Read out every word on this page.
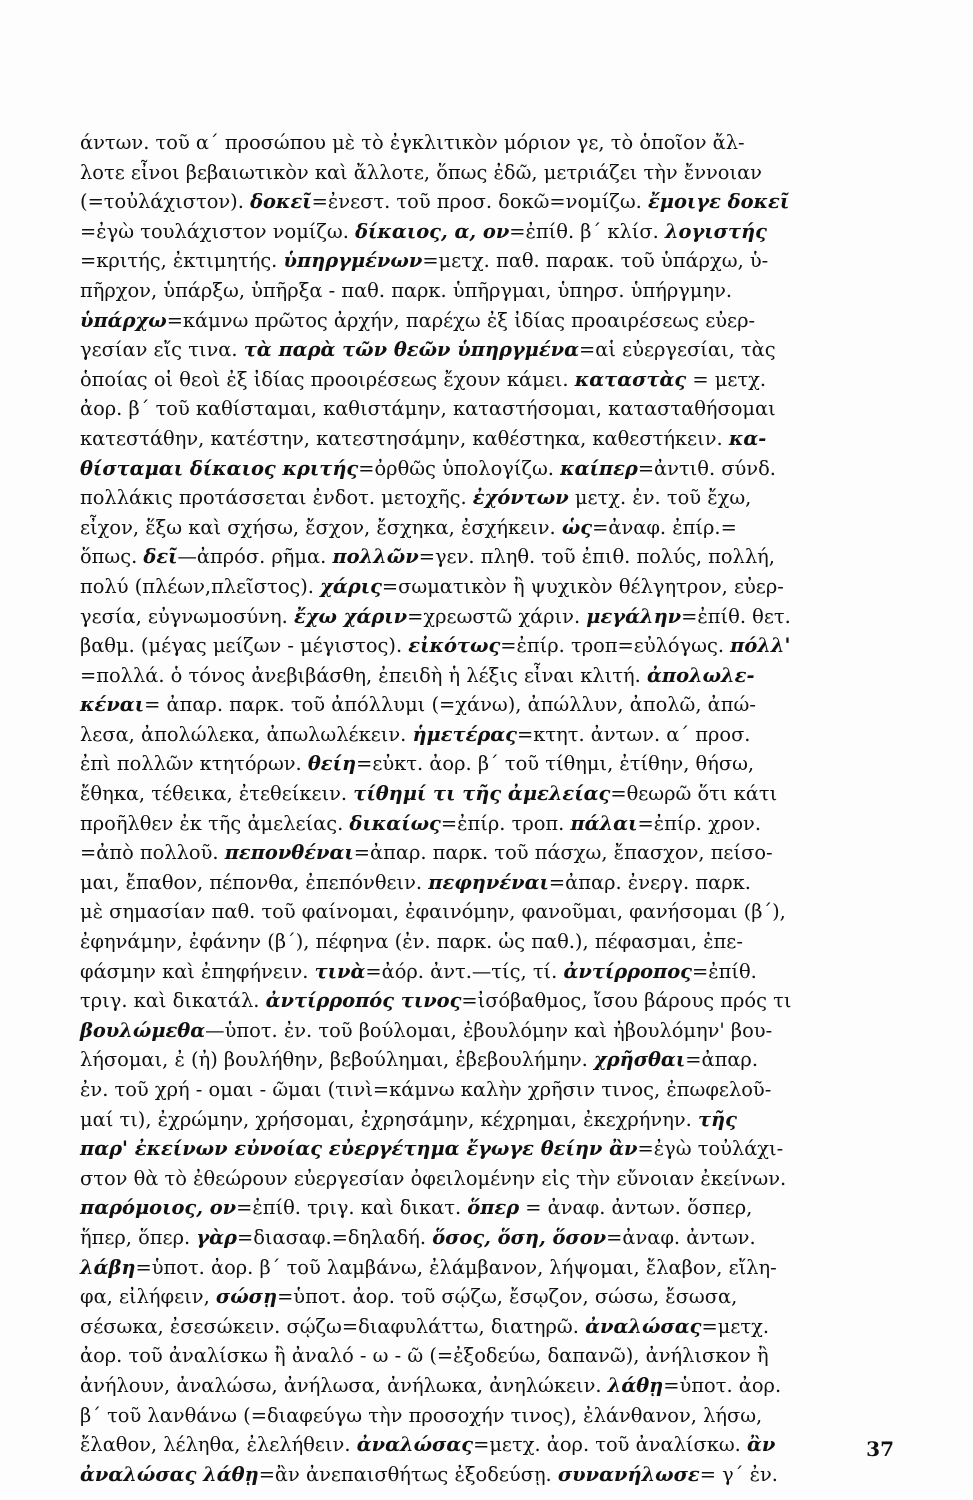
άντων. τοῦ α΄ προσώπου μὲ τὸ ἐγκλιτικὸν μόριον γε, τὸ ὁποῖον ἄλ-
λοτε εἶνοι βεβαιωτικὸν καὶ ἄλλοτε, ὅπως ἐδῶ, μετριάζει τὴν ἔννοιαν
(=τοὐλάχιστον). δοκεῖ=ἐνεστ. τοῦ προσ. δοκῶ=νομίζω. ἔμοιγε δοκεῖ
=ἐγὼ τουλάχιστον νομίζω. δίκαιος, α, ον=ἐπίθ. β΄ κλίσ. λογιστής
=κριτής, ἐκτιμητής. ὑπηργμένων=μετχ. παθ. παρακ. τοῦ ὑπάρχω, ὑ-
πῆρχον, ὑπάρξω, ὑπῆρξα - παθ. παρκ. ὑπῆργμαι, ὑπηρσ. ὑπήργμην.
ὑπάρχω=κάμνω πρῶτος ἀρχήν, παρέχω ἐξ ἰδίας προαιρέσεως εὐερ-
γεσίαν εἴς τινα. τὰ παρὰ τῶν θεῶν ὑπηργμένα=αἱ εὐεργεσίαι, τὰς
ὁποίας οἱ θεοὶ ἐξ ἰδίας προοιρέσεως ἔχουν κάμει. καταστὰς = μετχ.
ἀορ. β΄ τοῦ καθίσταμαι, καθιστάμην, καταστήσομαι, κατασταθήσομαι
κατεστάθην, κατέστην, κατεστησάμην, καθέστηκα, καθεστήκειν. κα-
θίσταμαι δίκαιος κριτής=ὀρθῶς ὑπολογίζω. καίπερ=ἀντιθ. σύνδ.
πολλάκις προτάσσεται ἐνδοτ. μετοχῆς. ἐχόντων μετχ. ἐν. τοῦ ἔχω,
εἶχον, ἕξω καὶ σχήσω, ἔσχον, ἔσχηκα, ἐσχήκειν. ὡς=ἀναφ. ἐπίρ.=
ὅπως. δεῖ—ἀπρόσ. ρῆμα. πολλῶν=γεν. πληθ. τοῦ ἐπιθ. πολύς, πολλή,
πολύ (πλέων,πλεῖστος). χάρις=σωματικὸν ἢ ψυχικὸν θέλγητρον, εὐερ-
γεσία, εὐγνωμοσύνη. ἔχω χάριν=χρεωστῶ χάριν. μεγάλην=ἐπίθ. θετ.
βαθμ. (μέγας μείζων - μέγιστος). εἰκότως=ἐπίρ. τροπ=εὐλόγως. πόλλ'
=πολλά. ὁ τόνος ἀνεβιβάσθη, ἐπειδὴ ἡ λέξις εἶναι κλιτή. ἀπολωλε-
κέναι= ἀπαρ. παρκ. τοῦ ἀπόλλυμι (=χάνω), ἀπώλλυν, ἀπολῶ, ἀπώ-
λεσα, ἀπολώλεκα, ἀπωλωλέκειν. ἡμετέρας=κτητ. ἀντων. α΄ προσ.
ἐπὶ πολλῶν κτητόρων. θείη=εὐκτ. ἀορ. β΄ τοῦ τίθημι, ἐτίθην, θήσω,
ἔθηκα, τέθεικα, ἐτεθείκειν. τίθημί τι τῆς ἀμελείας=θεωρῶ ὅτι κάτι
προῆλθεν ἐκ τῆς ἀμελείας. δικαίως=ἐπίρ. τροπ. πάλαι=ἐπίρ. χρον.
=ἀπὸ πολλοῦ. πεπονθέναι=ἀπαρ. παρκ. τοῦ πάσχω, ἔπασχον, πείσο-
μαι, ἔπαθον, πέπονθα, ἐπεπόνθειν. πεφηνέναι=ἀπαρ. ἐνεργ. παρκ.
μὲ σημασίαν παθ. τοῦ φαίνομαι, ἐφαινόμην, φανοῦμαι, φανήσομαι (β΄),
ἐφηνάμην, ἐφάνην (β΄), πέφηνα (ἐν. παρκ. ὡς παθ.), πέφασμαι, ἐπε-
φάσμην καὶ ἐπηφήνειν. τινὰ=ἀόρ. ἀντ.—τίς, τί. ἀντίρροπος=ἐπίθ.
τριγ. καὶ δικατάλ. ἀντίρροπός τινος=ἰσόβαθμος, ἴσου βάρους πρός τι
βουλώμεθα—ὑποτ. ἐν. τοῦ βούλομαι, ἐβουλόμην καὶ ἠβουλόμην' βου-
λήσομαι, ἐ (ἠ) βουλήθην, βεβούλημαι, ἐβεβουλήμην. χρῆσθαι=ἀπαρ.
ἐν. τοῦ χρή - ομαι - ῶμαι (τινὶ=κάμνω καλὴν χρῆσιν τινος, ἐπωφελοῦ-
μαί τι), ἐχρώμην, χρήσομαι, ἐχρησάμην, κέχρημαι, ἐκεχρήνην. τῆς
παρ' ἐκείνων εὐνοίας εὐεργέτημα ἔγωγε θείην ἂν=ἐγὼ τοὐλάχι-
στον θὰ τὸ ἐθεώρουν εὐεργεσίαν ὀφειλομένην εἰς τὴν εὔνοιαν ἐκείνων.
παρόμοιος, ον=ἐπίθ. τριγ. καὶ δικατ. ὅπερ = ἀναφ. ἀντων. ὅσπερ,
ἥπερ, ὅπερ. γὰρ=διασαφ.=δηλαδή. ὅσος, ὅση, ὅσον=ἀναφ. ἀντων.
λάβη=ὑποτ. ἀορ. β΄ τοῦ λαμβάνω, ἐλάμβανον, λήψομαι, ἔλαβον, εἴλη-
φα, εἰλήφειν, σώσῃ=ὑποτ. ἀορ. τοῦ σῴζω, ἔσῳζον, σώσω, ἔσωσα,
σέσωκα, ἐσεσώκειν. σῴζω=διαφυλάττω, διατηρῶ. ἀναλώσας=μετχ.
ἀορ. τοῦ ἀναλίσκω ἢ ἀναλό - ω - ῶ (=ἐξοδεύω, δαπανῶ), ἀνήλισκον ἢ
ἀνήλουν, ἀναλώσω, ἀνήλωσα, ἀνήλωκα, ἀνηλώκειν. λάθῃ=ὑποτ. ἀορ.
β΄ τοῦ λανθάνω (=διαφεύγω τὴν προσοχήν τινος), ἐλάνθανον, λήσω,
ἔλαθον, λέληθα, ἐλελήθειν. ἀναλώσας=μετχ. ἀορ. τοῦ ἀναλίσκω. ἂν
ἀναλώσας λάθῃ=ἂν ἀνεπαισθήτως ἐξοδεύσῃ. συνανήλωσε= γ΄ ἐν.
37
